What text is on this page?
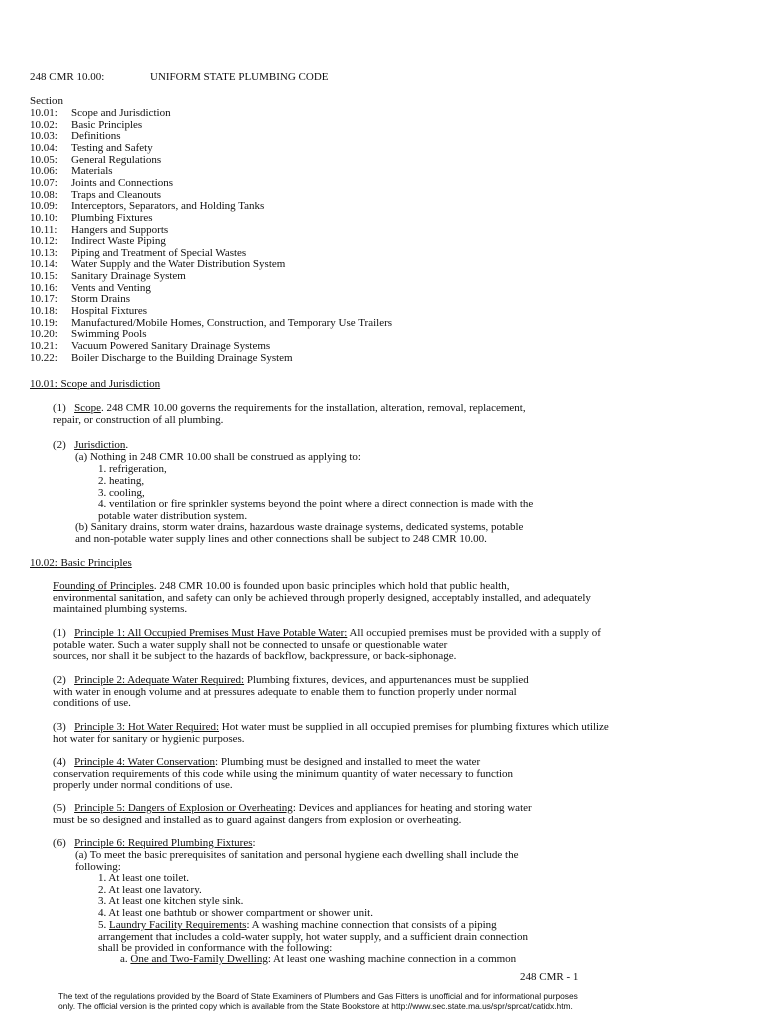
248 CMR 10.00:	UNIFORM STATE PLUMBING CODE
Section
10.01: Scope and Jurisdiction
10.02: Basic Principles
10.03: Definitions
10.04: Testing and Safety
10.05: General Regulations
10.06: Materials
10.07: Joints and Connections
10.08: Traps and Cleanouts
10.09: Interceptors, Separators, and Holding Tanks
10.10: Plumbing Fixtures
10.11: Hangers and Supports
10.12: Indirect Waste Piping
10.13: Piping and Treatment of Special Wastes
10.14: Water Supply and the Water Distribution System
10.15: Sanitary Drainage System
10.16: Vents and Venting
10.17: Storm Drains
10.18: Hospital Fixtures
10.19: Manufactured/Mobile Homes, Construction, and Temporary Use Trailers
10.20: Swimming Pools
10.21: Vacuum Powered Sanitary Drainage Systems
10.22: Boiler Discharge to the Building Drainage System
10.01: Scope and Jurisdiction
(1) Scope. 248 CMR 10.00 governs the requirements for the installation, alteration, removal, replacement,
repair, or construction of all plumbing.
(2) Jurisdiction.
(a) Nothing in 248 CMR 10.00 shall be construed as applying to:
1. refrigeration,
2. heating,
3. cooling,
4. ventilation or fire sprinkler systems beyond the point where a direct connection is made with the
potable water distribution system.
(b) Sanitary drains, storm water drains, hazardous waste drainage systems, dedicated systems, potable
and non-potable water supply lines and other connections shall be subject to 248 CMR 10.00.
10.02: Basic Principles
Founding of Principles. 248 CMR 10.00 is founded upon basic principles which hold that public health,
environmental sanitation, and safety can only be achieved through properly designed, acceptably installed, and adequately
maintained plumbing systems.
(1) Principle 1: All Occupied Premises Must Have Potable Water: All occupied premises must be provided with a supply of
potable water. Such a water supply shall not be connected to unsafe or questionable water
sources, nor shall it be subject to the hazards of backflow, backpressure, or back-siphonage.
(2) Principle 2: Adequate Water Required: Plumbing fixtures, devices, and appurtenances must be supplied
with water in enough volume and at pressures adequate to enable them to function properly under normal
conditions of use.
(3) Principle 3: Hot Water Required: Hot water must be supplied in all occupied premises for plumbing fixtures which utilize
hot water for sanitary or hygienic purposes.
(4) Principle 4: Water Conservation: Plumbing must be designed and installed to meet the water
conservation requirements of this code while using the minimum quantity of water necessary to function
properly under normal conditions of use.
(5) Principle 5: Dangers of Explosion or Overheating: Devices and appliances for heating and storing water
must be so designed and installed as to guard against dangers from explosion or overheating.
(6) Principle 6: Required Plumbing Fixtures:
(a) To meet the basic prerequisites of sanitation and personal hygiene each dwelling shall include the
following:
1. At least one toilet.
2. At least one lavatory.
3. At least one kitchen style sink.
4. At least one bathtub or shower compartment or shower unit.
5. Laundry Facility Requirements: A washing machine connection that consists of a piping
arrangement that includes a cold-water supply, hot water supply, and a sufficient drain connection
shall be provided in conformance with the following:
a. One and Two-Family Dwelling: At least one washing machine connection in a common
248 CMR - 1
The text of the regulations provided by the Board of State Examiners of Plumbers and Gas Fitters is unofficial and for informational purposes
only. The official version is the printed copy which is available from the State Bookstore at http://www.sec.state.ma.us/spr/sprcat/catidx.htm.
